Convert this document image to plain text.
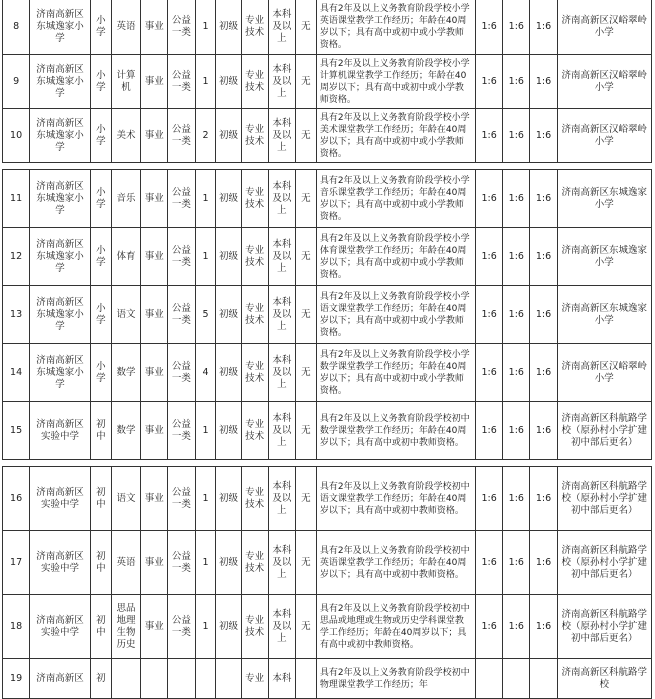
8	济南高新区东城逸家小学	小学	英语	事业	公益一类	1	初级	专业技术	本科及以上	无	具有2年及以上义务教育阶段学校小学英语课堂教学工作经历；年龄在40周岁以下；具有高中或初中或小学教师资格。	1:6	1:6	1:6	济南高新区汉峪翠岭小学
9	济南高新区东城逸家小学	小学	计算机	事业	公益一类	1	初级	专业技术	本科及以上	无	具有2年及以上义务教育阶段学校小学计算机课堂教学工作经历；年龄在40周岁以下；具有高中或初中或小学教师资格。	1:6	1:6	1:6	济南高新区汉峪翠岭小学
10	济南高新区东城逸家小学	小学	美术	事业	公益一类	2	初级	专业技术	本科及以上	无	具有2年及以上义务教育阶段学校小学美术课堂教学工作经历；年龄在40周岁以下；具有高中或初中或小学教师资格。	1:6	1:6	1:6	济南高新区汉峪翠岭小学

11	济南高新区东城逸家小学	小学	音乐	事业	公益一类	1	初级	专业技术	本科及以上	无	具有2年及以上义务教育阶段学校小学音乐课堂教学工作经历；年龄在40周岁以下；具有高中或初中或小学教师资格。	1:6	1:6	1:6	济南高新区东城逸家小学
12	济南高新区东城逸家小学	小学	体育	事业	公益一类	1	初级	专业技术	本科及以上	无	具有2年及以上义务教育阶段学校小学体育课堂教学工作经历；年龄在40周岁以下；具有高中或初中或小学教师资格。	1:6	1:6	1:6	济南高新区东城逸家小学
13	济南高新区东城逸家小学	小学	语文	事业	公益一类	5	初级	专业技术	本科及以上	无	具有2年及以上义务教育阶段学校小学语文课堂教学工作经历；年龄在40周岁以下；具有高中或初中或小学教师资格。	1:6	1:6	1:6	济南高新区东城逸家小学
14	济南高新区东城逸家小学	小学	数学	事业	公益一类	4	初级	专业技术	本科及以上	无	具有2年及以上义务教育阶段学校小学数学课堂教学工作经历；年龄在40周岁以下；具有高中或初中或小学教师资格。	1:6	1:6	1:6	济南高新区汉峪翠岭小学
15	济南高新区实验中学	初中	数学	事业	公益一类	1	初级	专业技术	本科及以上	无	具有2年及以上义务教育阶段学校初中数学课堂教学工作经历；年龄在40周岁以下；具有高中或初中教师资格。	1:6	1:6	1:6	济南高新区科航路学校（原孙村小学扩建初中部后更名）

16	济南高新区实验中学	初中	语文	事业	公益一类	1	初级	专业技术	本科及以上	无	具有2年及以上义务教育阶段学校初中语文课堂教学工作经历；年龄在40周岁以下；具有高中或初中教师资格。	1:6	1:6	1:6	济南高新区科航路学校（原孙村小学扩建初中部后更名）
17	济南高新区实验中学	初中	英语	事业	公益一类	1	初级	专业技术	本科及以上	无	具有2年及以上义务教育阶段学校初中英语课堂教学工作经历；年龄在40周岁以下；具有高中或初中教师资格。	1:6	1:6	1:6	济南高新区科航路学校（原孙村小学扩建初中部后更名）
18	济南高新区实验中学	初中	思品地理生物历史	事业	公益一类	1	初级	专业技术	本科及以上	无	具有2年及以上义务教育阶段学校初中思品或地理或生物或历史学科课堂教学工作经历；年龄在40周岁以下；具有高中或初中教师资格。	1:6	1:6	1:6	济南高新区科航路学校（原孙村小学扩建初中部后更名）
19	济南高新区	初						专业	本科		具有2年及以上义务教育阶段学校初中物理课堂教学工作经历；年				济南高新区科航路学校
